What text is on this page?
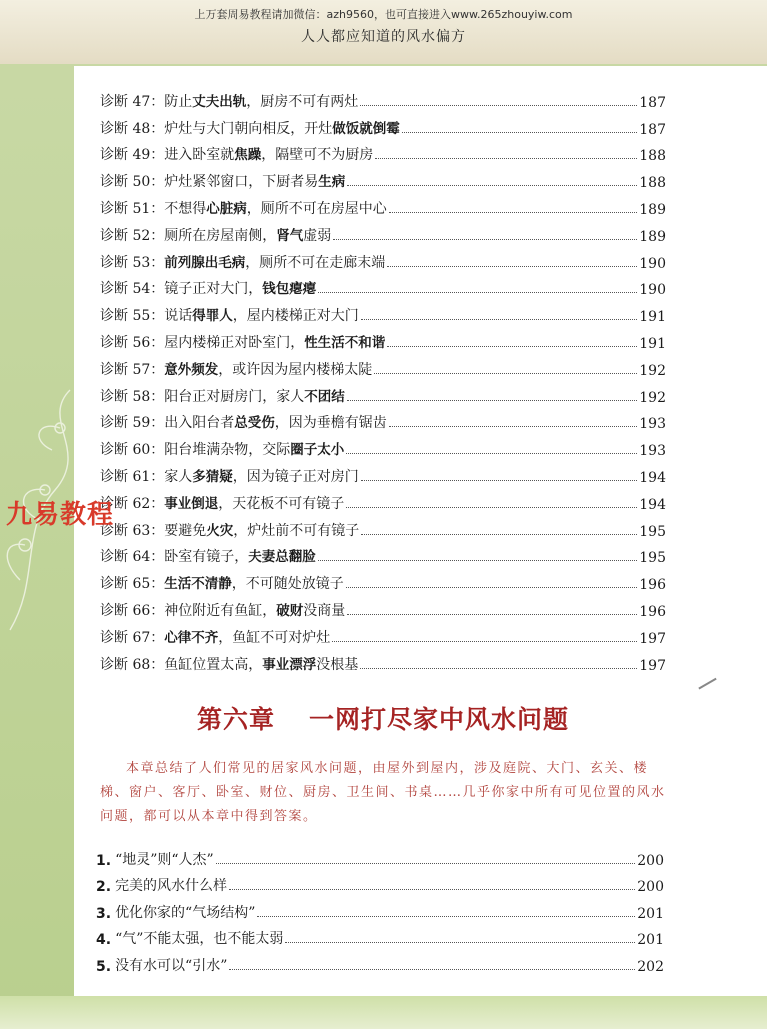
上万套周易教程请加微信：azh9560，也可直接进入www.265zhouyiw.com
人人都应知道的风水偏方
诊断 47：防止丈夫出轨，厨房不可有两灶	187
诊断 48：炉灶与大门朝向相反，开灶做饭就倒霉	187
诊断 49：进入卧室就焦躁，隔壁可不为厨房	188
诊断 50：炉灶紧邻窗口，下厨者易生病	188
诊断 51：不想得心脏病，厕所不可在房屋中心	189
诊断 52：厕所在房屋南侧，肾气虚弱	189
诊断 53：前列腺出毛病，厕所不可在走廊末端	190
诊断 54：镜子正对大门，钱包瘪瘪	190
诊断 55：说话得罪人，屋内楼梯正对大门	191
诊断 56：屋内楼梯正对卧室门，性生活不和谐	191
诊断 57：意外频发，或许因为屋内楼梯太陡	192
诊断 58：阳台正对厨房门，家人不团结	192
诊断 59：出入阳台者总受伤，因为垂檐有锯齿	193
诊断 60：阳台堆满杂物，交际圈子太小	193
诊断 61：家人多猜疑，因为镜子正对房门	194
诊断 62：事业倒退，天花板不可有镜子	194
诊断 63：要避免火灾，炉灶前不可有镜子	195
诊断 64：卧室有镜子，夫妻总翻脸	195
诊断 65：生活不清静，不可随处放镜子	196
诊断 66：神位附近有鱼缸，破财没商量	196
诊断 67：心律不齐，鱼缸不可对炉灶	197
诊断 68：鱼缸位置太高，事业漂浮没根基	197
九易教程
第六章 一网打尽家中风水问题
本章总结了人们常见的居家风水问题，由屋外到屋内，涉及庭院、大门、玄关、楼梯、窗户、客厅、卧室、财位、厨房、卫生间、书桌……几乎你家中所有可见位置的风水问题，都可以从本章中得到答案。
1. “地灵”则“人杰”	200
2. 完美的风水什么样	200
3. 优化你家的“气场结构”	201
4. “气”不能太强，也不能太弱	201
5. 没有水可以“引水”	202
